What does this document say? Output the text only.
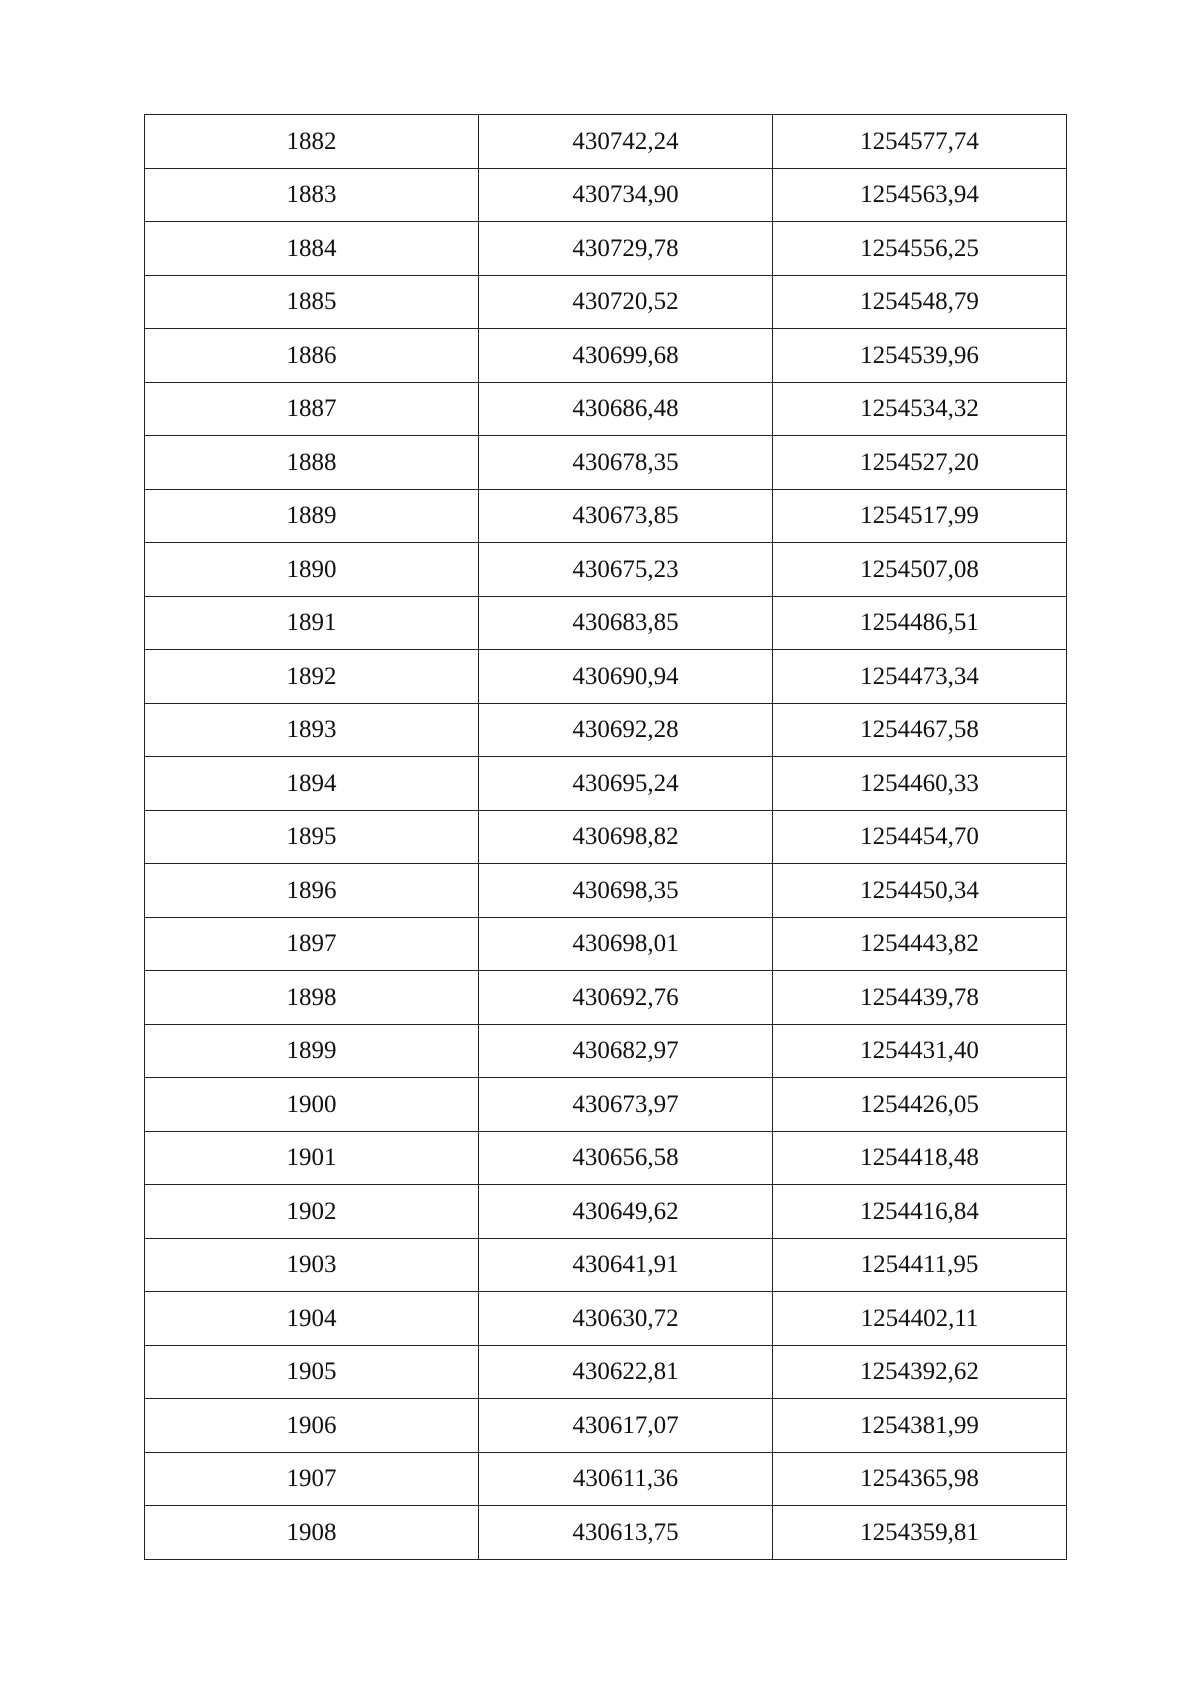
1882	430742,24	1254577,74
1883	430734,90	1254563,94
1884	430729,78	1254556,25
1885	430720,52	1254548,79
1886	430699,68	1254539,96
1887	430686,48	1254534,32
1888	430678,35	1254527,20
1889	430673,85	1254517,99
1890	430675,23	1254507,08
1891	430683,85	1254486,51
1892	430690,94	1254473,34
1893	430692,28	1254467,58
1894	430695,24	1254460,33
1895	430698,82	1254454,70
1896	430698,35	1254450,34
1897	430698,01	1254443,82
1898	430692,76	1254439,78
1899	430682,97	1254431,40
1900	430673,97	1254426,05
1901	430656,58	1254418,48
1902	430649,62	1254416,84
1903	430641,91	1254411,95
1904	430630,72	1254402,11
1905	430622,81	1254392,62
1906	430617,07	1254381,99
1907	430611,36	1254365,98
1908	430613,75	1254359,81
